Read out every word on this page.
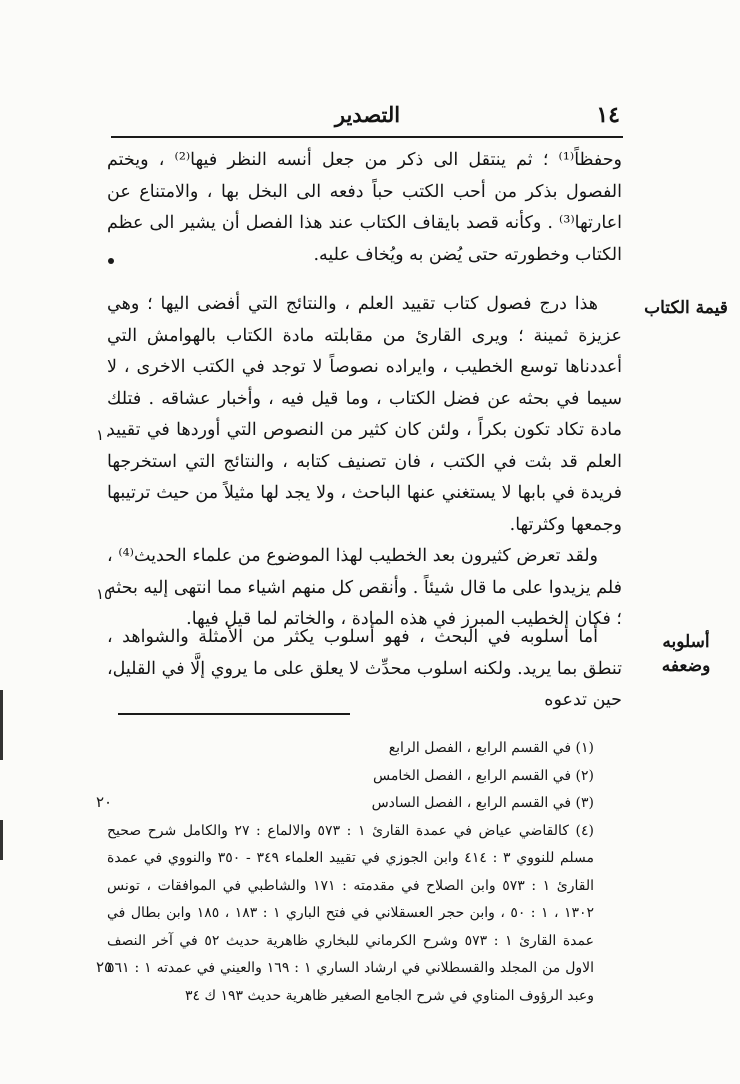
١٤
التصدير

وحفظاً⁽¹⁾ ؛ ثم ينتقل الى ذكر من جعل أنسه النظر فيها⁽²⁾ ، ويختم الفصول بذكر من أحب الكتب حباً دفعه الى البخل بها ، والامتناع عن اعارتها⁽³⁾ . وكأنه قصد بايقاف الكتاب عند هذا الفصل أن يشير الى عظم الكتاب وخطورته حتى يُضن به ويُخاف عليه.

قيمة الكتاب

هذا درج فصول كتاب تقييد العلم ، والنتائج التي أفضى اليها ؛ وهي عزيزة ثمينة ؛ ويرى القارئ من مقابلته مادة الكتاب بالهوامش التي أعددناها توسع الخطيب ، وايراده نصوصاً لا توجد في الكتب الاخرى ، لا سيما في بحثه عن فضل الكتاب ، وما قيل فيه ، وأخبار عشاقه . فتلك مادة تكاد تكون بكراً ، ولئن كان كثير من النصوص التي أوردها في تقييد العلم قد بثت في الكتب ، فان تصنيف كتابه ، والنتائج التي استخرجها فريدة في بابها لا يستغني عنها الباحث ، ولا يجد لها مثيلاً من حيث ترتيبها وجمعها وكثرتها.

ولقد تعرض كثيرون بعد الخطيب لهذا الموضوع من علماء الحديث⁽⁴⁾ ، فلم يزيدوا على ما قال شيئاً . وأنقص كل منهم اشياء مما انتهى إليه بحثه ؛ فكان الخطيب المبرز في هذه المادة ، والخاتم لما قيل فيها.

أسلوبه وضعفه

أما أسلوبه في البحث ، فهو أسلوب يكثر من الأمثلة والشواهد ، تنطق بما يريد. ولكنه اسلوب محدِّث لا يعلق على ما يروي إلَّا في القليل، حين تدعوه

١٠
١٥
٢٠
٢٥

(١) في القسم الرابع ، الفصل الرابع

(٢) في القسم الرابع ، الفصل الخامس

(٣) في القسم الرابع ، الفصل السادس

(٤) كالقاضي عياض في عمدة القارئ ١ : ٥٧٣ والالماع : ٢٧ والكامل شرح صحيح مسلم للنووي ٣ : ٤١٤ وابن الجوزي في تقييد العلماء ٣٤٩ - ٣٥٠ والنووي في عمدة القارئ ١ : ٥٧٣ وابن الصلاح في مقدمته : ١٧١ والشاطبي في الموافقات ، تونس ١٣٠٢ ، ١ : ٥٠ ، وابن حجر العسقلاني في فتح الباري ١ : ١٨٣ ، ١٨٥ وابن بطال في عمدة القارئ ١ : ٥٧٣ وشرح الكرماني للبخاري ظاهرية حديث ٥٢ في آخر النصف الاول من المجلد والقسطلاني في ارشاد الساري ١ : ١٦٩ والعيني في عمدته ١ : ٥٦١ وعبد الرؤوف المناوي في شرح الجامع الصغير ظاهرية حديث ١٩٣ ك ٣٤
